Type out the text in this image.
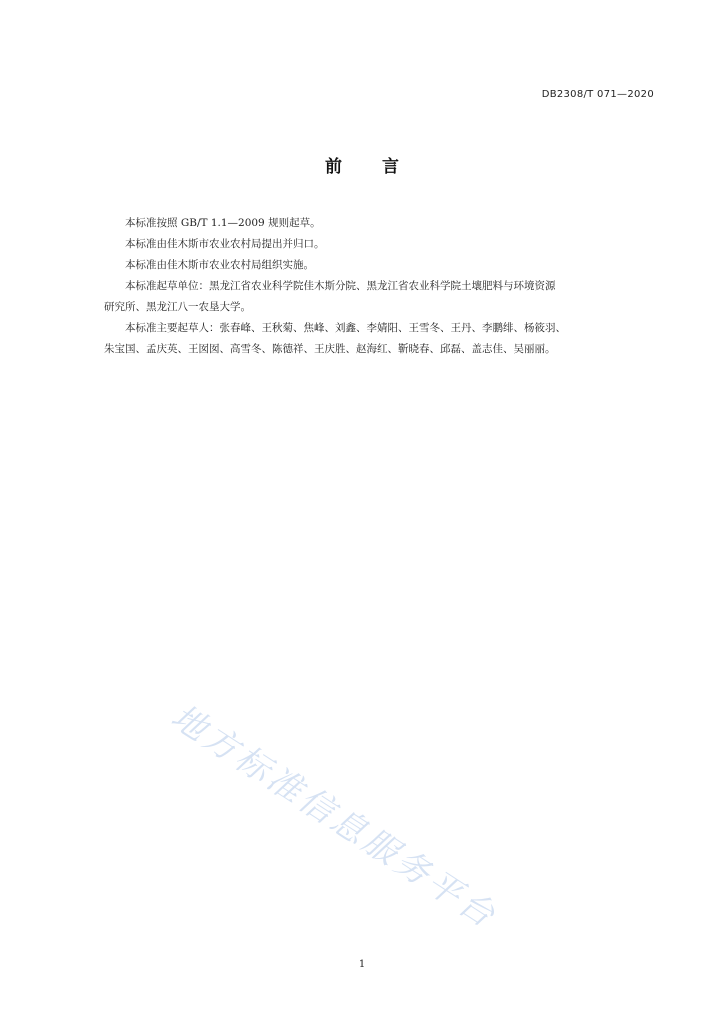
DB2308/T 071—2020
前 言

本标准按照 GB/T 1.1—2009 规则起草。

本标准由佳木斯市农业农村局提出并归口。

本标准由佳木斯市农业农村局组织实施。

本标准起草单位：黑龙江省农业科学院佳木斯分院、黑龙江省农业科学院土壤肥料与环境资源
研究所、黑龙江八一农垦大学。

本标准主要起草人：张春峰、王秋菊、焦峰、刘鑫、李婧阳、王雪冬、王丹、李鹏绯、杨筱羽、
朱宝国、孟庆英、王囡囡、高雪冬、陈德祥、王庆胜、赵海红、靳晓春、邱磊、盖志佳、吴丽丽。

地方标准信息服务平台
1
